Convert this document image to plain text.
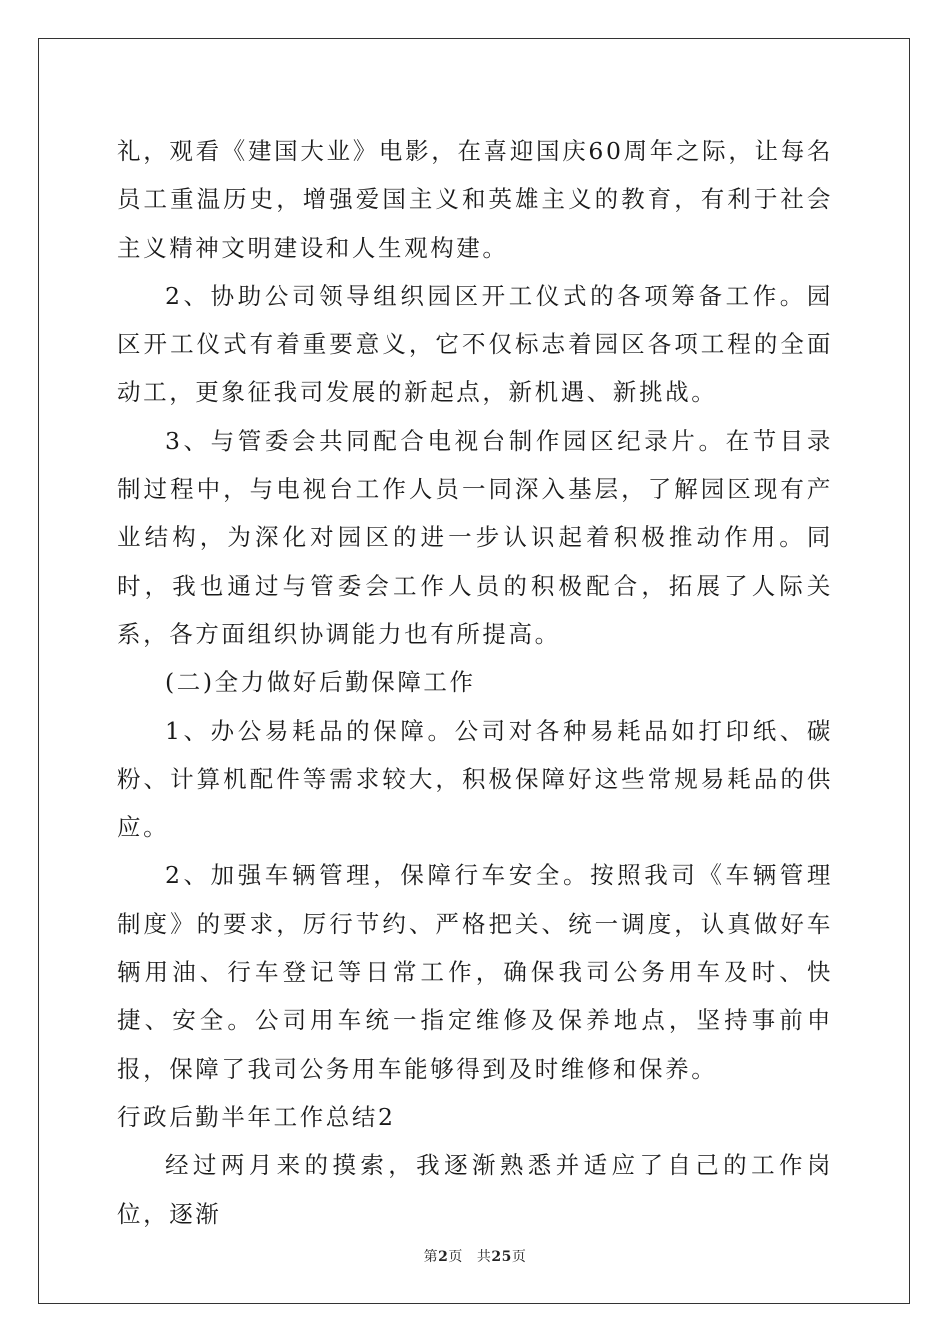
礼，观看《建国大业》电影，在喜迎国庆60周年之际，让每名员工重温历史，增强爱国主义和英雄主义的教育，有利于社会主义精神文明建设和人生观构建。

2、协助公司领导组织园区开工仪式的各项筹备工作。园区开工仪式有着重要意义，它不仅标志着园区各项工程的全面动工，更象征我司发展的新起点，新机遇、新挑战。

3、与管委会共同配合电视台制作园区纪录片。在节目录制过程中，与电视台工作人员一同深入基层，了解园区现有产业结构，为深化对园区的进一步认识起着积极推动作用。同时，我也通过与管委会工作人员的积极配合，拓展了人际关系，各方面组织协调能力也有所提高。

(二)全力做好后勤保障工作

1、办公易耗品的保障。公司对各种易耗品如打印纸、碳粉、计算机配件等需求较大，积极保障好这些常规易耗品的供应。

2、加强车辆管理，保障行车安全。按照我司《车辆管理制度》的要求，厉行节约、严格把关、统一调度，认真做好车辆用油、行车登记等日常工作，确保我司公务用车及时、快捷、安全。公司用车统一指定维修及保养地点，坚持事前申报，保障了我司公务用车能够得到及时维修和保养。

行政后勤半年工作总结2

经过两月来的摸索，我逐渐熟悉并适应了自己的工作岗位，逐渐

第2页 共25页
